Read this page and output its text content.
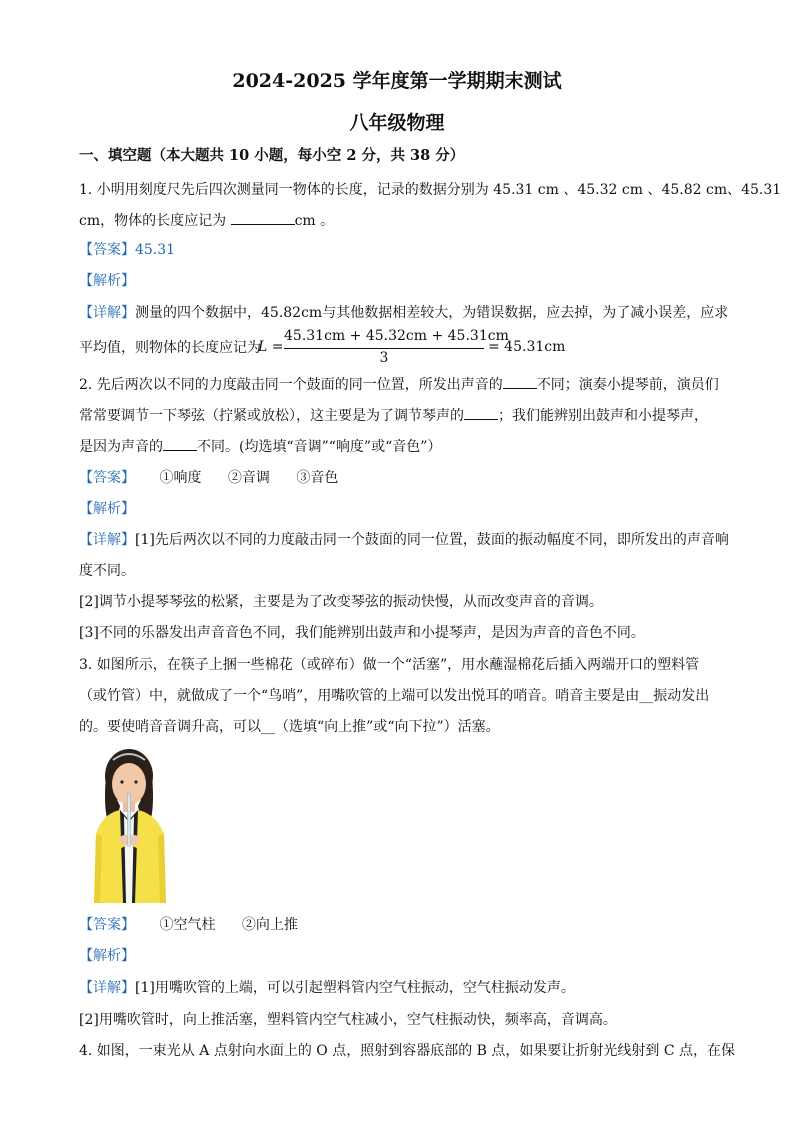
2024-2025 学年度第一学期期末测试
八年级物理
一、填空题（本大题共 10 小题，每小空 2 分，共 38 分）
1. 小明用刻度尺先后四次测量同一物体的长度，记录的数据分别为 45.31 cm 、45.32 cm 、45.82 cm、45.31
cm，物体的长度应记为	cm 。
【答案】45.31
【解析】
【详解】测量的四个数据中，45.82cm与其他数据相差较大，为错误数据，应去掉，为了减小误差，应求
平均值，则物体的长度应记为
L =
45.31cm + 45.32cm + 45.31cm
3
= 45.31cm
2. 先后两次以不同的力度敲击同一个鼓面的同一位置，所发出声音的 不同；演奏小提琴前，演员们
常常要调节一下琴弦（拧紧或放松），这主要是为了调节琴声的 ；我们能辨别出鼓声和小提琴声，
是因为声音的 不同。(均选填“音调”“响度”或“音色”）
【答案】 ①响度 ②音调 ③音色
【解析】
【详解】[1]先后两次以不同的力度敲击同一个鼓面的同一位置，鼓面的振动幅度不同，即所发出的声音响
度不同。
[2]调节小提琴琴弦的松紧，主要是为了改变琴弦的振动快慢，从而改变声音的音调。
[3]不同的乐器发出声音音色不同，我们能辨别出鼓声和小提琴声，是因为声音的音色不同。
3. 如图所示，在筷子上捆一些棉花（或碎布）做一个“活塞”，用水蘸湿棉花后插入两端开口的塑料管
（或竹管）中，就做成了一个“鸟哨”，用嘴吹管的上端可以发出悦耳的哨音。哨音主要是由__振动发出
的。要使哨音音调升高，可以__（选填“向上推”或“向下拉”）活塞。
【答案】 ①空气柱 ②向上推
【解析】
【详解】[1]用嘴吹管的上端，可以引起塑料管内空气柱振动，空气柱振动发声。
[2]用嘴吹管时，向上推活塞，塑料管内空气柱减小，空气柱振动快，频率高，音调高。
4. 如图，一束光从 A 点射向水面上的 O 点，照射到容器底部的 B 点，如果要让折射光线射到 C 点，在保
